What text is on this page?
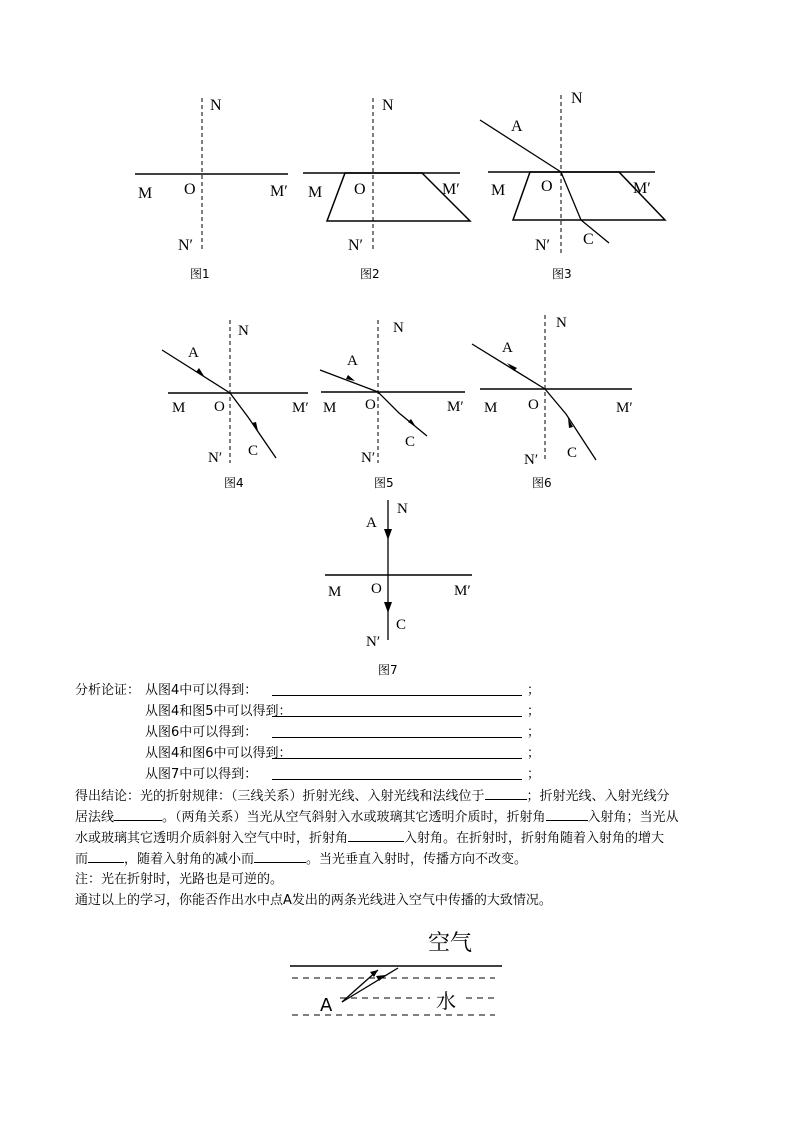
N
M O	M′
N′
图1
N
M O	M′
N′
图2
N
A
M O	M′
N′ C
图3
N
A
M O	M′
N′ C
图4
N
A
M O	M′
N′
C
图5
N
A
M O	M′
N′ C
图6
A
N
M O	M′
C
N′
图7
分析论证： 从图4中可以得到：
从图4和图5中可以得到：
从图6中可以得到：
从图4和图6中可以得到：
从图7中可以得到：
；
；
；
；
；
得出结论：光的折射规律：（三线关系）折射光线、入射光线和法线位于	；折射光线、入射光线分
居法线	。（两角关系）当光从空气斜射入水或玻璃其它透明介质时，折射角	入射角；当光从
水或玻璃其它透明介质斜射入空气中时，折射角	入射角。在折射时，折射角随着入射角的增大
而	，随着入射角的减小而	。当光垂直入射时，传播方向不改变。
注：光在折射时，光路也是可逆的。
通过以上的学习，你能否作出水中点A发出的两条光线进入空气中传播的大致情况。
空气
A	水
